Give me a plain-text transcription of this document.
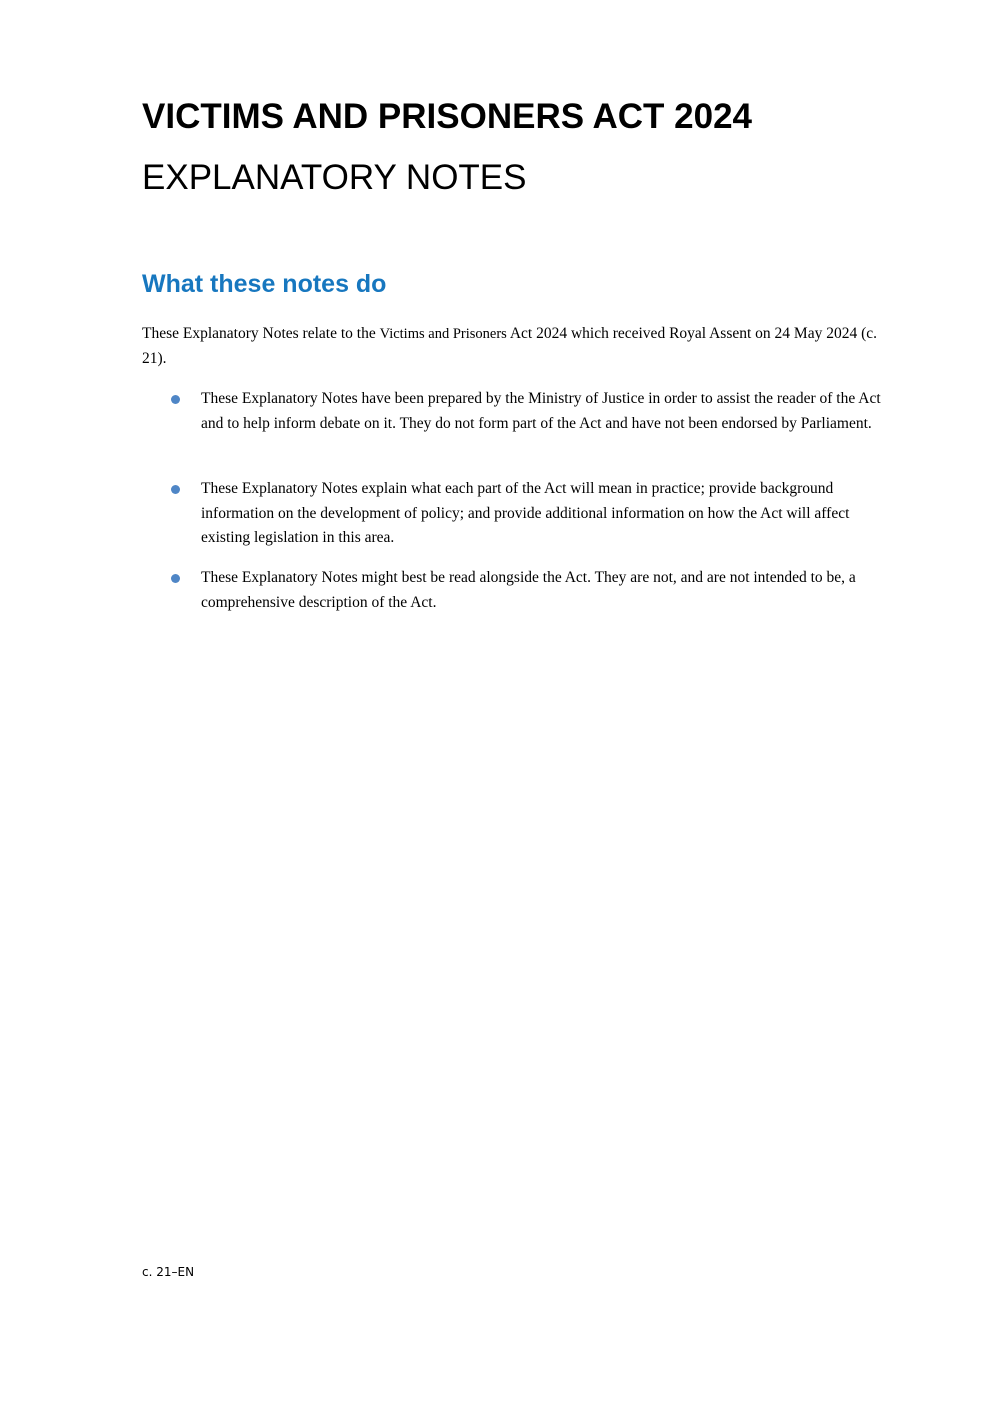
VICTIMS AND PRISONERS ACT 2024
EXPLANATORY NOTES
What these notes do

These Explanatory Notes relate to the Victims and Prisoners Act 2024 which received Royal Assent on 24 May 2024 (c. 21).

These Explanatory Notes have been prepared by the Ministry of Justice in order to assist the reader of the Act and to help inform debate on it. They do not form part of the Act and have not been endorsed by Parliament.
These Explanatory Notes explain what each part of the Act will mean in practice; provide background information on the development of policy; and provide additional information on how the Act will affect existing legislation in this area.
These Explanatory Notes might best be read alongside the Act. They are not, and are not intended to be, a comprehensive description of the Act.

c. 21–EN
